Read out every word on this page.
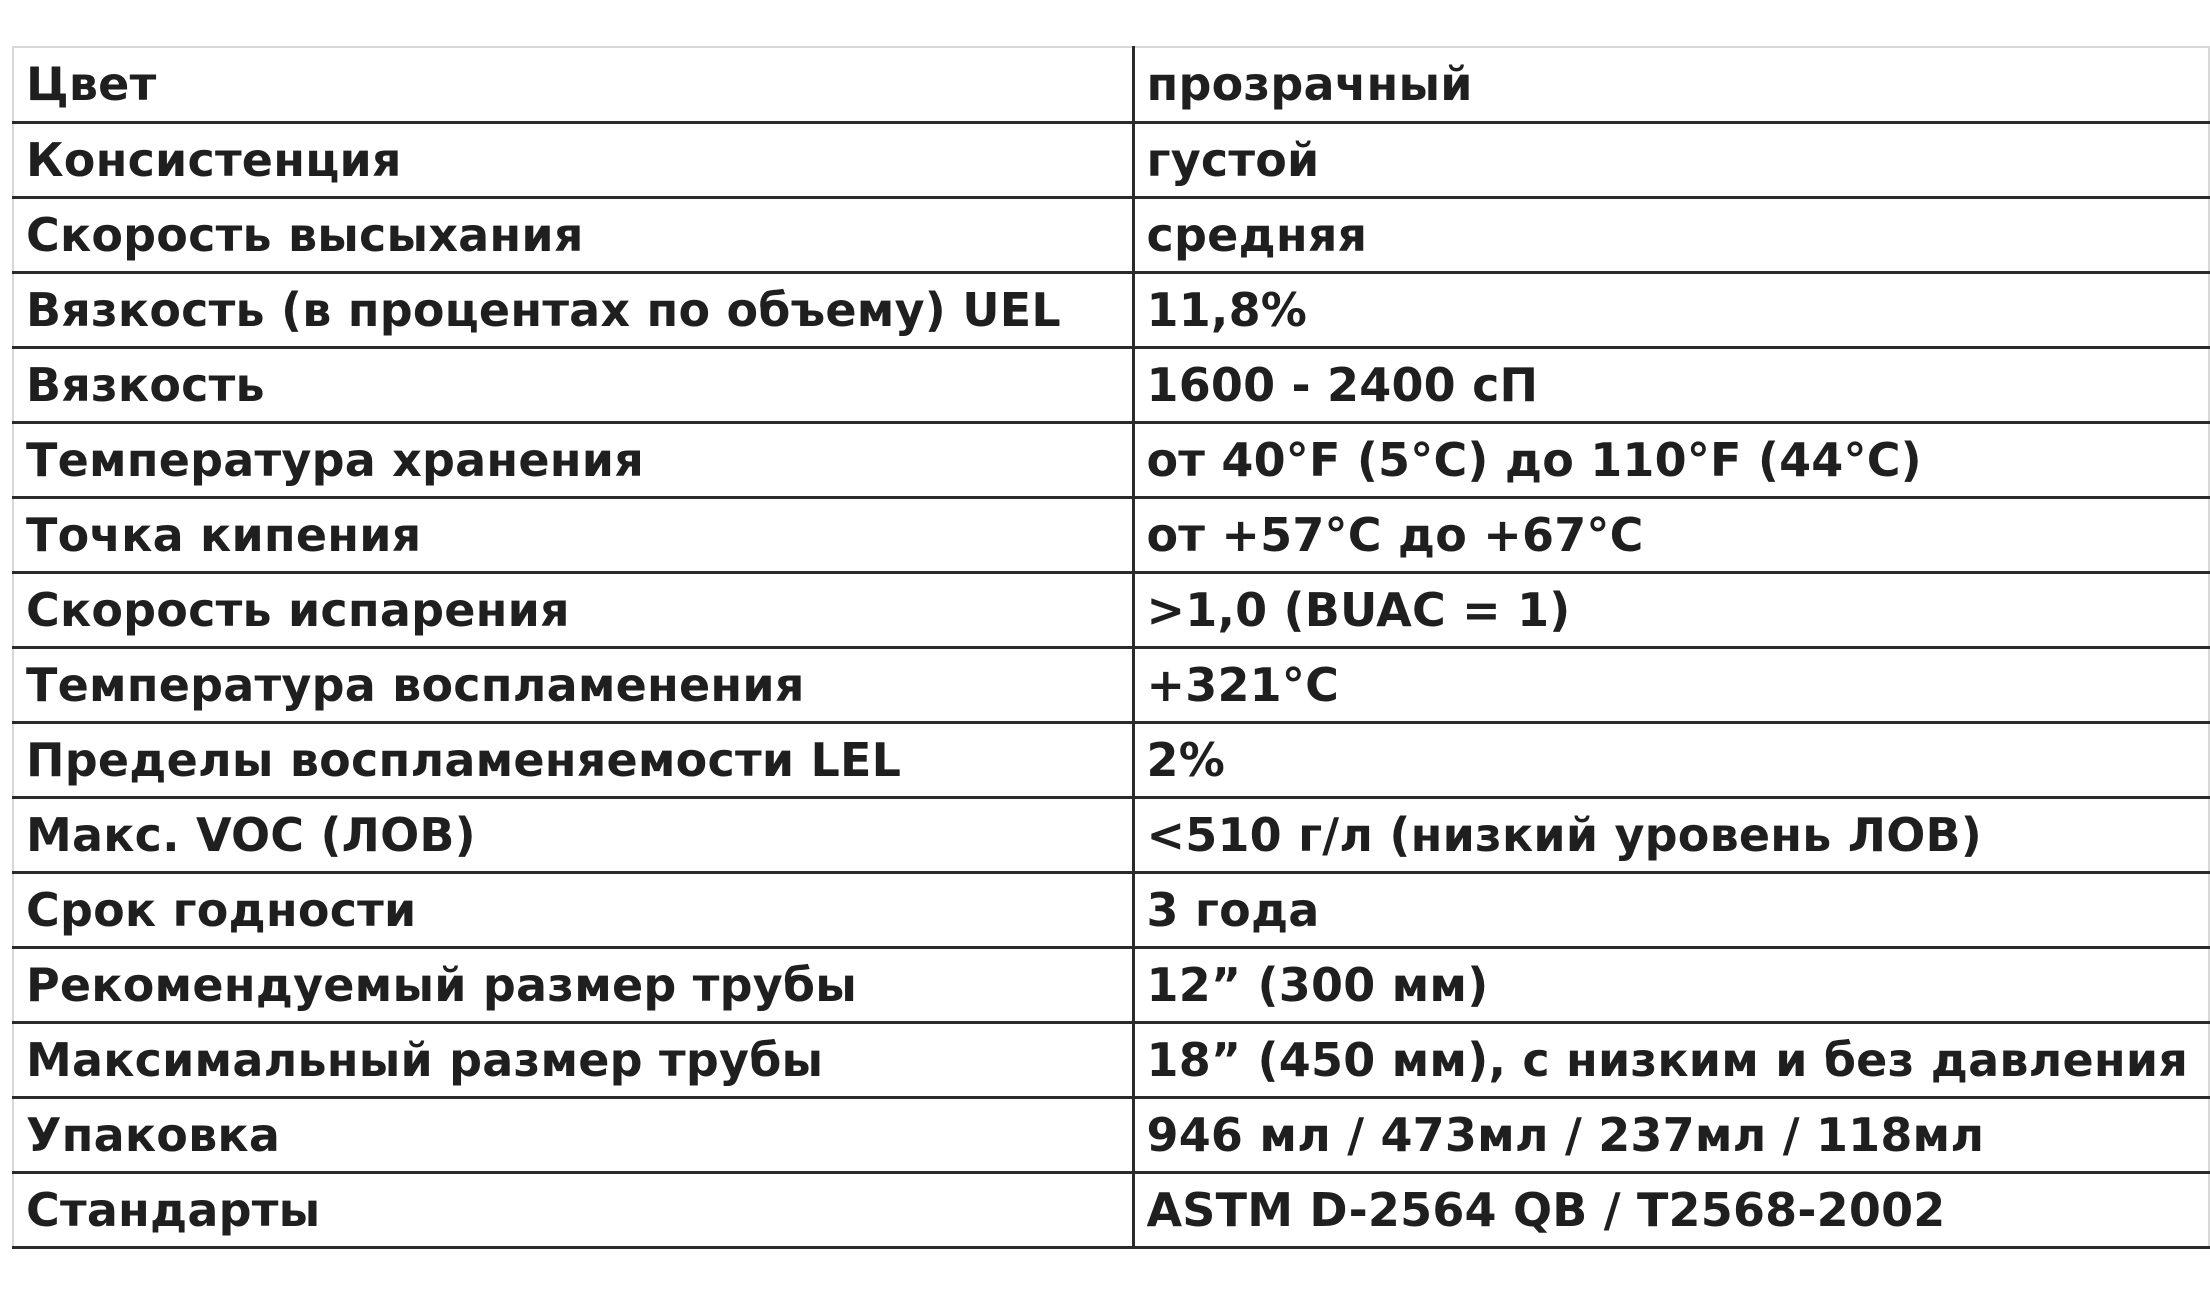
Цвет	прозрачный
Консистенция	густой
Скорость высыхания	средняя
Вязкость (в процентах по объему) UEL	11,8%
Вязкость	1600 - 2400 сП
Температура хранения	от 40°F (5°C) до 110°F (44°C)
Точка кипения	от +57°C до +67°C
Скорость испарения	>1,0 (BUAC = 1)
Температура воспламенения	+321°C
Пределы воспламеняемости LEL	2%
Макс. VOC (ЛОВ)	<510 г/л (низкий уровень ЛОВ)
Срок годности	3 года
Рекомендуемый размер трубы	12” (300 мм)
Максимальный размер трубы	18” (450 мм), с низким и без давления
Упаковка	946 мл / 473мл / 237мл / 118мл
Стандарты	ASTM D-2564 QB / T2568-2002
